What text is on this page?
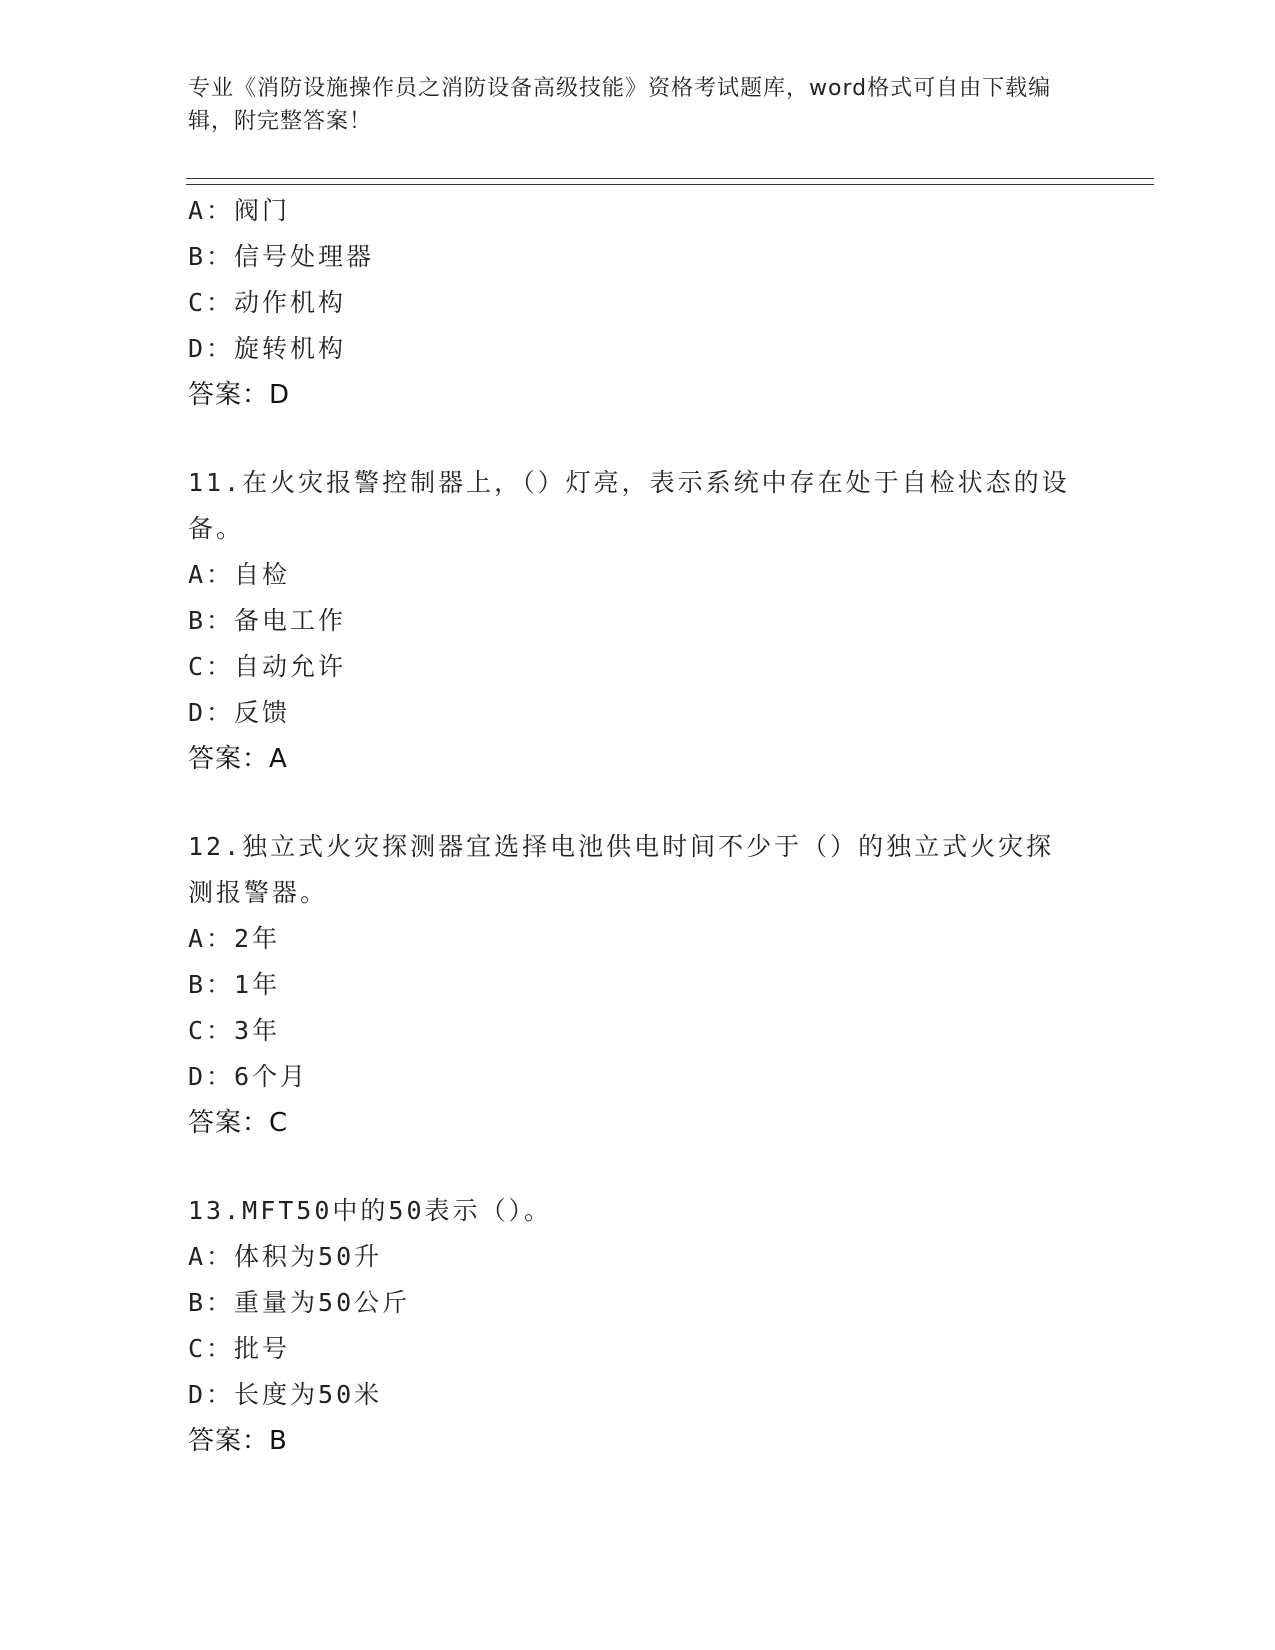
专业《消防设施操作员之消防设备高级技能》资格考试题库，word格式可自由下载编辑，附完整答案！
A：阀门
B：信号处理器
C：动作机构
D：旋转机构
答案：D
11.在火灾报警控制器上，（）灯亮，表示系统中存在处于自检状态的设备。
A：自检
B：备电工作
C：自动允许
D：反馈
答案：A
12.独立式火灾探测器宜选择电池供电时间不少于（）的独立式火灾探测报警器。
A：2年
B：1年
C：3年
D：6个月
答案：C
13.MFT50中的50表示（）。
A：体积为50升
B：重量为50公斤
C：批号
D：长度为50米
答案：B
